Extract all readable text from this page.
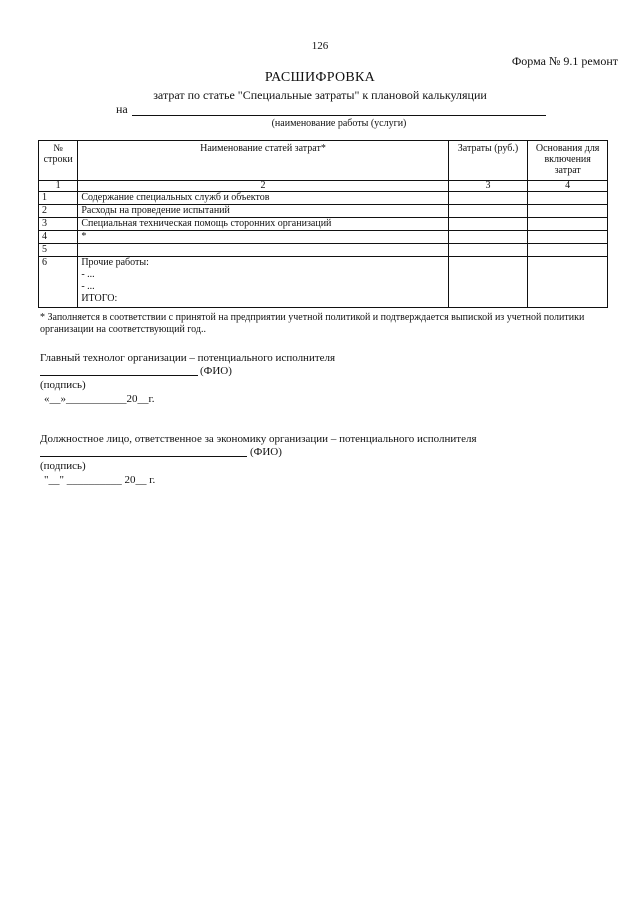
126
Форма № 9.1 ремонт
РАСШИФРОВКА
затрат по статье "Специальные затраты" к плановой калькуляции
на
(наименование работы (услуги)
№ строки	Наименование статей затрат*	Затраты (руб.)	Основания для включения затрат
1	2	3	4
1	Содержание специальных служб и объектов		
2	Расходы на проведение испытаний		
3	Специальная техническая помощь сторонних организаций		
4	*		
5			
6	Прочие работы:
- ...
- ...
ИТОГО:		

* Заполняется в соответствии с принятой на предприятии учетной политикой и подтверждается выпиской из учетной политики организации на соответствующий год..
Главный технолог организации – потенциального исполнителя
(ФИО)
(подпись)
«__»___________20__г.
Должностное лицо, ответственное за экономику организации – потенциального исполнителя
(ФИО)
(подпись)
"__" __________ 20__ г.
